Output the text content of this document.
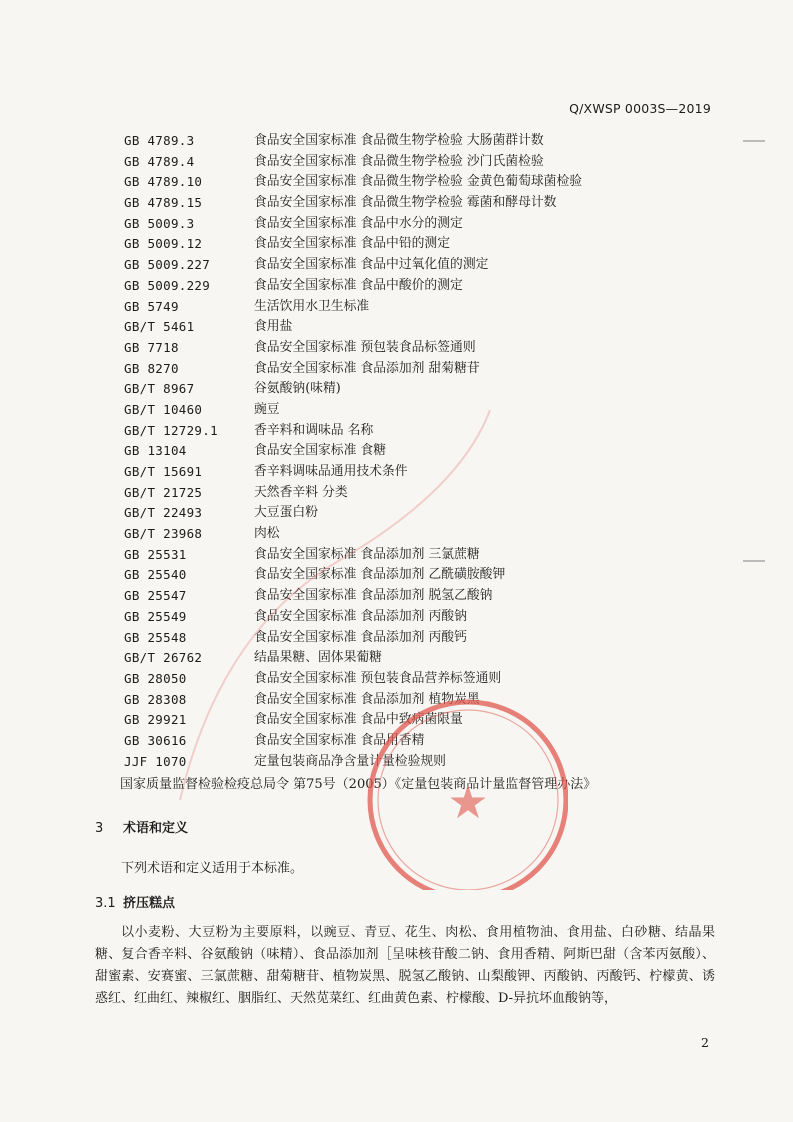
Q/XWSP 0003S—2019
GB 4789.3	食品安全国家标准 食品微生物学检验 大肠菌群计数
GB 4789.4	食品安全国家标准 食品微生物学检验 沙门氏菌检验
GB 4789.10	食品安全国家标准 食品微生物学检验 金黄色葡萄球菌检验
GB 4789.15	食品安全国家标准 食品微生物学检验 霉菌和酵母计数
GB 5009.3	食品安全国家标准 食品中水分的测定
GB 5009.12	食品安全国家标准 食品中铅的测定
GB 5009.227	食品安全国家标准 食品中过氧化值的测定
GB 5009.229	食品安全国家标准 食品中酸价的测定
GB 5749	生活饮用水卫生标准
GB/T 5461	食用盐
GB 7718	食品安全国家标准 预包装食品标签通则
GB 8270	食品安全国家标准 食品添加剂 甜菊糖苷
GB/T 8967	谷氨酸钠(味精)
GB/T 10460	豌豆
GB/T 12729.1	香辛料和调味品 名称
GB 13104	食品安全国家标准 食糖
GB/T 15691	香辛料调味品通用技术条件
GB/T 21725	天然香辛料 分类
GB/T 22493	大豆蛋白粉
GB/T 23968	肉松
GB 25531	食品安全国家标准 食品添加剂 三氯蔗糖
GB 25540	食品安全国家标准 食品添加剂 乙酰磺胺酸钾
GB 25547	食品安全国家标准 食品添加剂 脱氢乙酸钠
GB 25549	食品安全国家标准 食品添加剂 丙酸钠
GB 25548	食品安全国家标准 食品添加剂 丙酸钙
GB/T 26762	结晶果糖、固体果葡糖
GB 28050	食品安全国家标准 预包装食品营养标签通则
GB 28308	食品安全国家标准 食品添加剂 植物炭黑
GB 29921	食品安全国家标准 食品中致病菌限量
GB 30616	食品安全国家标准 食品用香精
JJF 1070	定量包装商品净含量计量检验规则
国家质量监督检验检疫总局令 第75号（2005）《定量包装商品计量监督管理办法》
3 术语和定义
下列术语和定义适用于本标准。
3.1 挤压糕点
以小麦粉、大豆粉为主要原料，以豌豆、青豆、花生、肉松、食用植物油、食用盐、白砂糖、结晶果糖、复合香辛料、谷氨酸钠（味精）、食品添加剂［呈味核苷酸二钠、食用香精、阿斯巴甜（含苯丙氨酸）、甜蜜素、安赛蜜、三氯蔗糖、甜菊糖苷、植物炭黑、脱氢乙酸钠、山梨酸钾、丙酸钠、丙酸钙、柠檬黄、诱惑红、红曲红、辣椒红、胭脂红、天然苋菜红、红曲黄色素、柠檬酸、D-异抗坏血酸钠等，
2
★
